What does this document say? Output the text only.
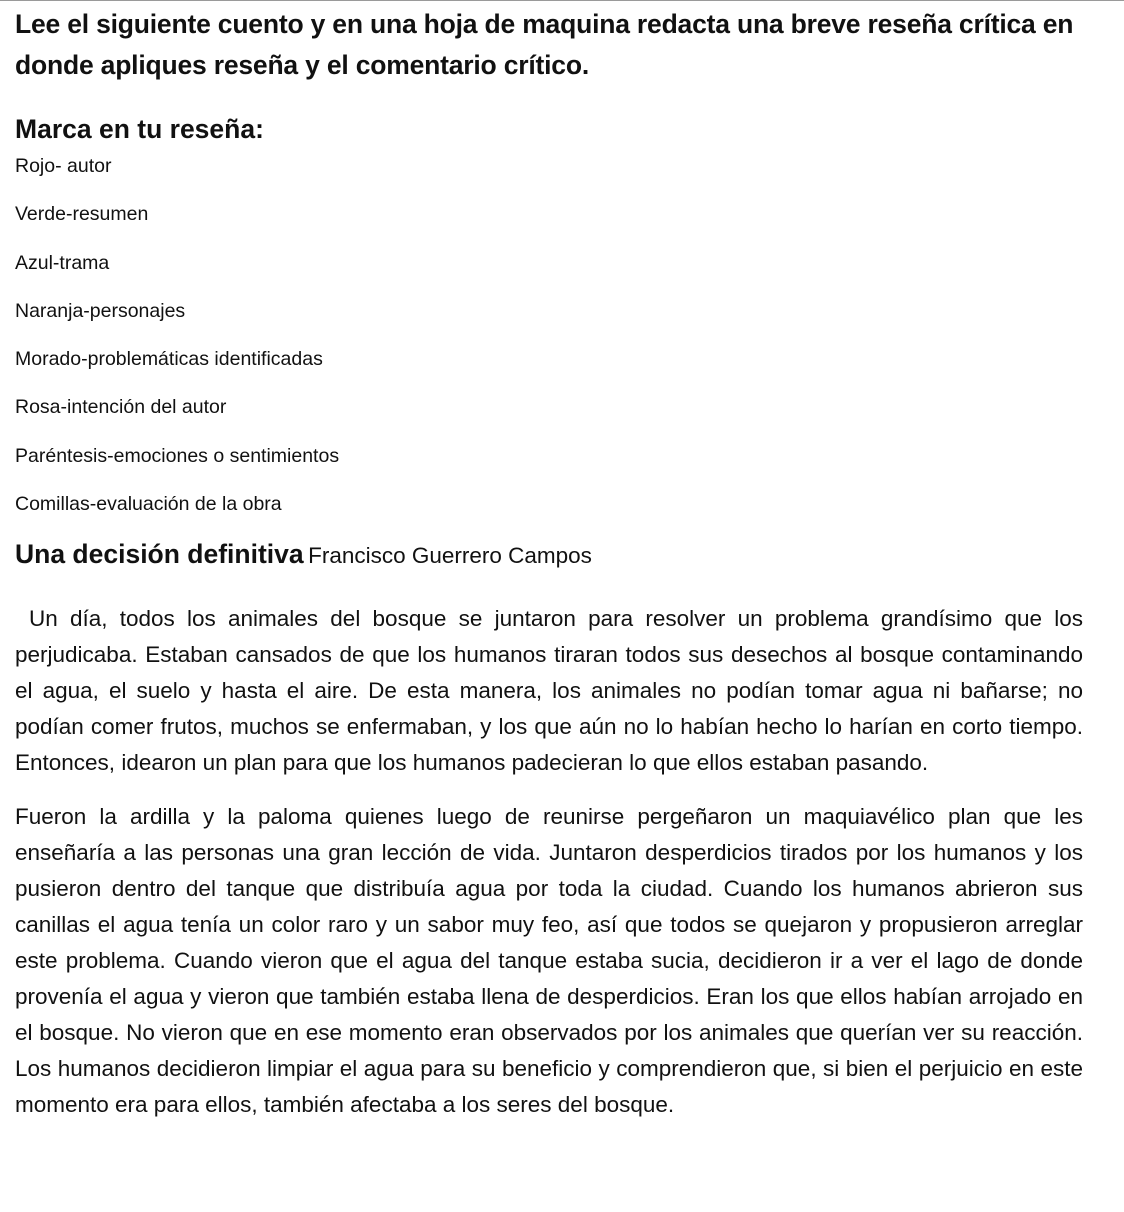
Lee el siguiente cuento y en una hoja de maquina redacta una breve reseña crítica en donde apliques reseña y el comentario crítico.

Marca en tu reseña:

Rojo- autor
Verde-resumen
Azul-trama
Naranja-personajes
Morado-problemáticas identificadas
Rosa-intención del autor
Paréntesis-emociones o sentimientos
Comillas-evaluación de la obra

Una decisión definitiva Francisco Guerrero Campos

Un día, todos los animales del bosque se juntaron para resolver un problema grandísimo que los perjudicaba. Estaban cansados de que los humanos tiraran todos sus desechos al bosque contaminando el agua, el suelo y hasta el aire. De esta manera, los animales no podían tomar agua ni bañarse; no podían comer frutos, muchos se enfermaban, y los que aún no lo habían hecho lo harían en corto tiempo. Entonces, idearon un plan para que los humanos padecieran lo que ellos estaban pasando.

Fueron la ardilla y la paloma quienes luego de reunirse pergeñaron un maquiavélico plan que les enseñaría a las personas una gran lección de vida. Juntaron desperdicios tirados por los humanos y los pusieron dentro del tanque que distribuía agua por toda la ciudad. Cuando los humanos abrieron sus canillas el agua tenía un color raro y un sabor muy feo, así que todos se quejaron y propusieron arreglar este problema. Cuando vieron que el agua del tanque estaba sucia, decidieron ir a ver el lago de donde provenía el agua y vieron que también estaba llena de desperdicios. Eran los que ellos habían arrojado en el bosque. No vieron que en ese momento eran observados por los animales que querían ver su reacción. Los humanos decidieron limpiar el agua para su beneficio y comprendieron que, si bien el perjuicio en este momento era para ellos, también afectaba a los seres del bosque.
